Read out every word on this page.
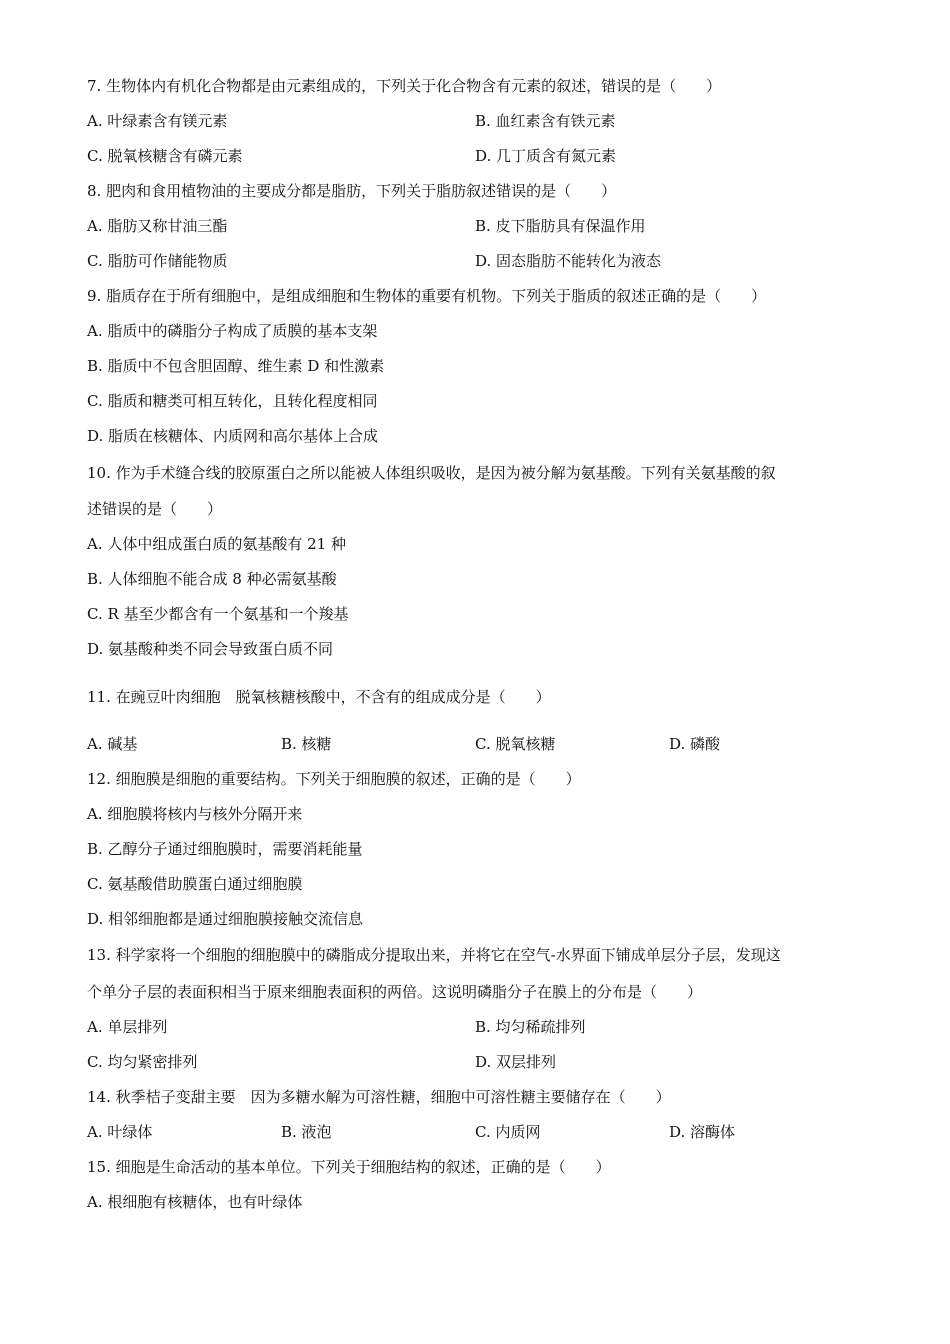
7. 生物体内有机化合物都是由元素组成的，下列关于化合物含有元素的叙述，错误的是（　　）
A. 叶绿素含有镁元素	B. 血红素含有铁元素
C. 脱氧核糖含有磷元素	D. 几丁质含有氮元素
8. 肥肉和食用植物油的主要成分都是脂肪，下列关于脂肪叙述错误的是（　　）
A. 脂肪又称甘油三酯	B. 皮下脂肪具有保温作用
C. 脂肪可作储能物质	D. 固态脂肪不能转化为液态
9. 脂质存在于所有细胞中，是组成细胞和生物体的重要有机物。下列关于脂质的叙述正确的是（　　）
A. 脂质中的磷脂分子构成了质膜的基本支架
B. 脂质中不包含胆固醇、维生素 D 和性激素
C. 脂质和糖类可相互转化，且转化程度相同
D. 脂质在核糖体、内质网和高尔基体上合成
10. 作为手术缝合线的胶原蛋白之所以能被人体组织吸收，是因为被分解为氨基酸。下列有关氨基酸的叙
述错误的是（　　）
A. 人体中组成蛋白质的氨基酸有 21 种
B. 人体细胞不能合成 8 种必需氨基酸
C. R 基至少都含有一个氨基和一个羧基
D. 氨基酸种类不同会导致蛋白质不同
11. 在豌豆叶肉细胞　脱氧核糖核酸中，不含有的组成成分是（　　）
A. 碱基	B. 核糖	C. 脱氧核糖	D. 磷酸
12. 细胞膜是细胞的重要结构。下列关于细胞膜的叙述，正确的是（　　）
A. 细胞膜将核内与核外分隔开来
B. 乙醇分子通过细胞膜时，需要消耗能量
C. 氨基酸借助膜蛋白通过细胞膜
D. 相邻细胞都是通过细胞膜接触交流信息
13. 科学家将一个细胞的细胞膜中的磷脂成分提取出来，并将它在空气-水界面下铺成单层分子层，发现这
个单分子层的表面积相当于原来细胞表面积的两倍。这说明磷脂分子在膜上的分布是（　　）
A. 单层排列	B. 均匀稀疏排列
C. 均匀紧密排列	D. 双层排列
14. 秋季桔子变甜主要　因为多糖水解为可溶性糖，细胞中可溶性糖主要储存在（　　）
A. 叶绿体	B. 液泡	C. 内质网	D. 溶酶体
15. 细胞是生命活动的基本单位。下列关于细胞结构的叙述，正确的是（　　）
A. 根细胞有核糖体，也有叶绿体
